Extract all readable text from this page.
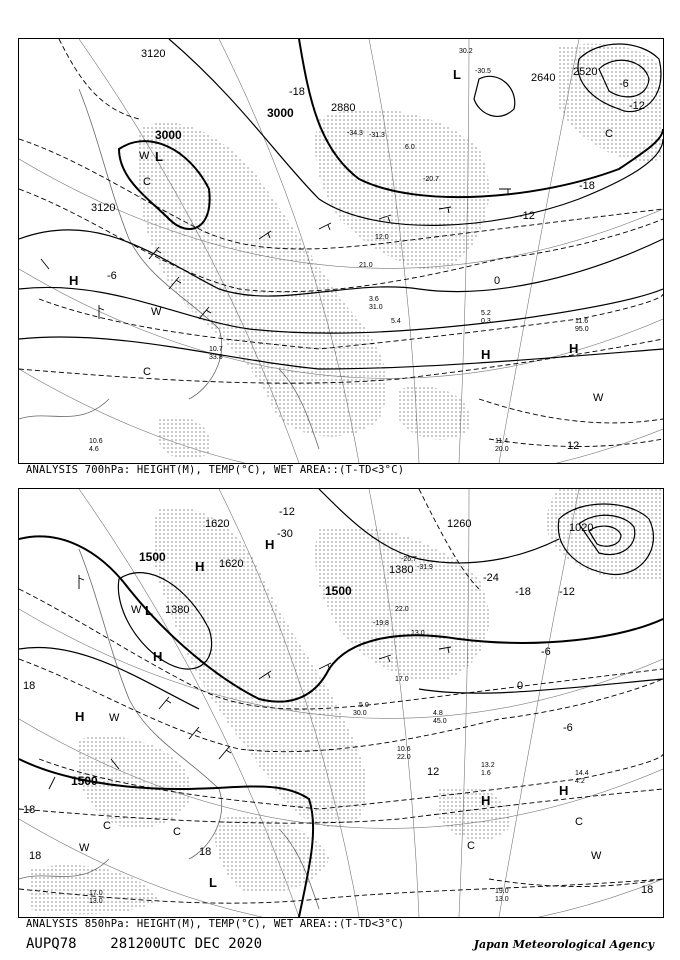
3120
3000
3000
3120
2880
2640 2520
-6
-12
-18
-12
-6	0
12
-18
L
L
H
H	H
W
W
C
C
C
W
30.2
-30.5
-34.3 -31.3
6.0
-20.7
21.0
12.0
3.6
31.0
5.4
5.2
0.3	11.6
95.0
11.4
20.0
10.7
33.8
10.6
4.6
ANALYSIS 700hPa: HEIGHT(M), TEMP(°C), WET AREA::(T-TD<3°C)
1620
1500	1620
1500
1380
1380
1260	1020
1500
-30
-18	-12
-6
0
-6
12
18
18
18	18
18
-24
-12
H
H
L
H
H
H
H
W
W
C
C
C
W
L
W
C
-26.7
-31.9
-19.8
22.0
17.0
13.0
5.0
30.0	4.8
45.0
10.6
22.0
13.2
1.6	14.4
4.2
19.0
13.0
17.0
13.0
ANALYSIS 850hPa: HEIGHT(M), TEMP(°C), WET AREA::(T-TD<3°C)
AUPQ78 281200UTC DEC 2020	Japan Meteorological Agency
